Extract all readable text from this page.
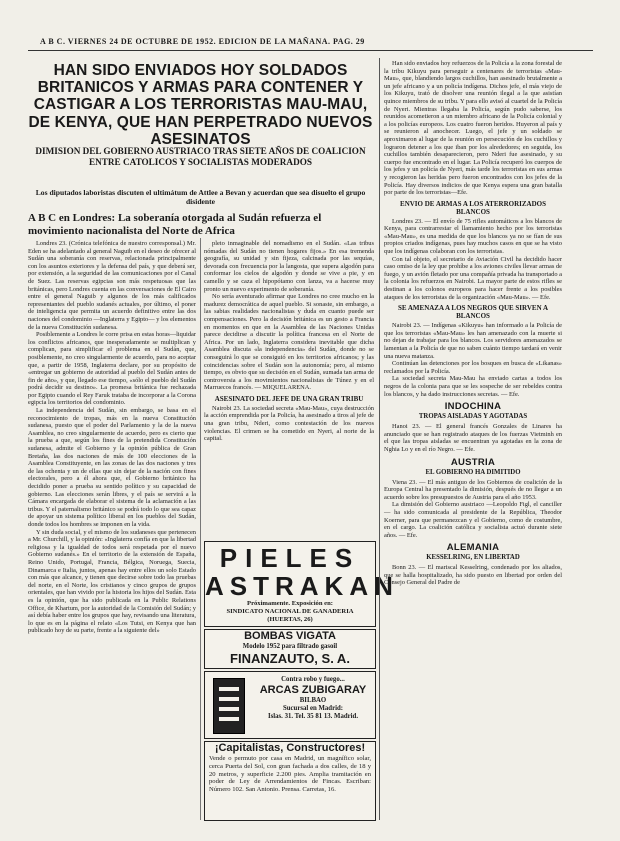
A B C. VIERNES 24 DE OCTUBRE DE 1952. EDICION DE LA MAÑANA. PAG. 29
HAN SIDO ENVIADOS HOY SOLDADOS BRITANICOS Y ARMAS PARA CONTENER Y CASTIGAR A LOS TERRORISTAS MAU-MAU, DE KENYA, QUE HAN PERPETRADO NUEVOS ASESINATOS
DIMISION DEL GOBIERNO AUSTRIACO TRAS SIETE AÑOS DE COALICION ENTRE CATOLICOS Y SOCIALISTAS MODERADOS
Los diputados laboristas discuten el ultimátum de Attlee a Bevan y acuerdan que sea disuelto el grupo disidente
A B C en Londres: La soberanía otorgada al Sudán refuerza el movimiento nacionalista del Norte de Africa

Londres 23. (Crónica telefónica de nuestro corresponsal.) Mr. Eden se ha adelantado al general Naguib en el deseo de ofrecer al Sudán una soberanía con reservas, relacionada principalmente con los asuntos exteriores y la defensa del país, y que deberá ser, por extensión, a la seguridad de las comunicaciones por el Canal de Suez. Las reservas egipcias son más respetuosas que las británicas, pero Londres cuenta en las conversaciones de El Cairo entre el general Naguib y algunos de los más calificados representantes del pueblo sudanés actuales, por último, el poner de inteligencia que permita un acuerdo definitivo entre las dos naciones del condominio —Inglaterra y Egipto— y los elementos de la nueva Constitución sudanesa.

Posiblemente a Londres le corre prisa en estas horas—liquidar los conflictos africanos, que inesperadamente se multiplican y complican, para simplificar el problema en el Sudán, que, posiblemente, no creo singularmente de acuerdo, para no aceptar que, a partir de 1958, Inglaterra declare, por su propósito de «entregar un gobierno de autoridad al pueblo del Sudán antes de fin de año», y que, llegado ese tiempo, «sólo el pueblo del Sudán podrá decidir su destino». La promesa británica fue rechazada por Egipto cuando el Rey Faruk trataba de incorporar a la Corona egipcia los territorios del condominio.

La independencia del Sudán, sin embargo, se basa en el reconocimiento de tropas, más en la nueva Constitución sudanesa, puesto que el poder del Parlamento y la de la nueva Asamblea, no creo singularmente de acuerdo, pero es cierto que la prueba a que, según los fines de la pretendida Constitución sudanesa, admite el Gobierno y la opinión pública de Gran Bretaña, las dos naciones de más de 100 elecciones de la Asamblea Constituyente, en las zonas de las dos naciones y tres de las ochenta y un de ellas que sin dejar de la nación con fines electorales, pero a él ahora que, el Gobierno británico ha decidido poner a prueba su sentido político y su capacidad de gobierno. Las elecciones serán libres, y el país se servirá a la Cámara encargada de elaborar el sistema de la aclamación a las tribus. Y el paternalismo británico se podrá todo lo que sea capaz de apoyar un sistema político liberal en los pueblos del Sudán, donde todos los hombres se imponen en la vida.

Y sin duda social, y el mismo de los sudaneses que pertenecen a Mr. Churchill, y la opinión: «Inglaterra confía en que la libertad religiosa y la igualdad de todos será respetada por el nuevo Gobierno sudanés.» En el territorio de la extensión de España, Reino Unido, Portugal, Francia, Bélgica, Noruega, Suecia, Dinamarca e Italia, juntos, apenas hay entre ellos un solo Estado con más que alcance, y tienen que decirse sobre todo las pruebas del norte, en el Norte, los cristianos y cinco grupos de grupos orientales, que han vivido por la historia los hijos del Sudán. Esta es la opinión, que ha sido publicada en la Public Relations Office, de Khartum, por la autoridad de la Comisión del Sudán; y así debía haber entre los grupos que hay, revisando una literatura, lo que es en la página el relato «Los Tutsi, en Kenya que han publicado hoy de su parte, frente a la siguiente del»

pleto inmaginable del nomadismo en el Sudán. «Las tribus nómadas del Sudán no tienen hogares fijos.» En esa tremenda geografía, su unidad y sin fijeza, calcinada por las sequías, devorada con frecuencia por la langosta, que supera algodón para conformar los cielos de algodón y donde se vive a pie, y en camello y se caza el hipopótamo con lanza, va a hacerse muy pronto un nuevo experimento de soberanía.

No sería aventurado afirmar que Londres no cree mucho en la madurez democrática de aquel pueblo. Si sonaste, sin embargo, a las sabias realidades nacionalistas y duda en cuanto puede ser compensaciones. Pero la decisión británica es un gesto a Francia en momentos en que en la Asamblea de las Naciones Unidas parece decidirse a discutir la política francesa en el Norte de Africa. Por un lado, Inglaterra considera inevitable que dicha Asamblea discuta «la independencia» del Sudán, donde no se conseguirá lo que se consiguió en los territorios africanos; y las coincidencias sobre el Sudán son la autonomía; pero, al mismo tiempo, es obvio que su decisión en el Sudán, sumada tan arma de controversia a los movimientos nacionalistas de Túnez y en el Marruecos francés. — MIQUELARENA.

ASESINATO DEL JEFE DE UNA GRAN TRIBU

Nairobi 23. La sociedad secreta «Mau-Mau», cuya destrucción la acción emprendida por la Policía, ha asesinado a tiros al jefe de una gran tribu, Nderi, como contestación de los nuevos violencias. El crimen se ha cometido en Nyeri, al norte de la capital.

PIELES
ASTRAKAN
Próximamente. Exposición en:
SINDICATO NACIONAL DE GANADERIA
(HUERTAS, 26)
BOMBAS VIGATA
Modelo 1952 para filtrado gasoil
FINANZAUTO, S. A.
Contra robo y fuego...
ARCAS ZUBIGARAY
BILBAO
Sucursal en Madrid:
Islas. 31. Tel. 35 81 13. Madrid.
¡Capitalistas, Constructores!
Vende o permuto por casa en Madrid, un magnífico solar, cerca Puerta del Sol, con gran fachada a dos calles, de 18 y 20 metros, y superficie 2.200 pies. Amplia tramitación en poder de Ley de Arrendamientos de Fincas. Escriban: Número 102. San Antonio. Prensa. Carretas, 16.

Han sido enviados hoy refuerzos de la Policía a la zona forestal de la tribu Kikuyu para perseguir a centenares de terroristas «Mau-Mau», que, blandiendo largos cuchillos, han asesinado brutalmente a un jefe africano y a un policía indígena. Dichos jefe, el más viejo de los Kikuyu, trató de disolver una reunión ilegal a la que asistían quince miembros de su tribu. Y para ello avisó al cuartel de la Policía de Nyeri. Mientras llegaba la Policía, según pudo saberse, los reunidos acometieron a un miembro africano de la Policía colonial y a los policías europeos. Los cuatro fueron heridos. Huyeron al país y se reunieron al anochecer. Luego, el jefe y un soldado se aproximaron al lugar de la reunión en persecución de los cuchillos y lograron detener a los que iban por los alrededores; en seguida, los cuchillos también desaparecieron, pero Nderi fue asesinado, y su cuerpo fue encontrado en el lugar. La Policía recuperó los cuerpos de los jefes y un policía de Nyeri, más tarde los terroristas en sus armas y recogieron las heridas pero fueron encontrados con los jefes de la Policía. Hay diversos indicios de que Kenya espera una gran batalla por parte de los terroristas—Efe.

ENVIO DE ARMAS A LOS ATERRORIZADOS BLANCOS

Londres 23. — El envío de 75 rifles automáticos a los blancos de Kenya, para contrarrestar el llamamiento hecho por los terroristas «Mau-Mau», es una medida de que los blancos ya no se fían de sus propios criados indígenas, pues hay muchos casos en que se ha visto que los indígenas colaboran con los terroristas.

Con tal objeto, el secretario de Aviación Civil ha decidido hacer caso omiso de la ley que prohíbe a los aviones civiles llevar armas de fuego, y un avión fletado por una compañía privada ha transportado a la colonia los refuerzos en Nairobi. La mayor parte de estos rifles se destinan a los colonos europeos para hacer frente a los posibles ataques de los terroristas de la organización «Mau-Mau». — Efe.

SE AMENAZA A LOS NEGROS QUE SIRVEN A BLANCOS

Nairobi 23. — Indígenas «Kikuyu» han informado a la Policía de que los terroristas «Mau-Mau» les han amenazado con la muerte si no dejan de trabajar para los blancos. Los servidores amenazados se lamentan a la Policía de que no saben cuánto tiempo tardará en venir una nueva matanza.

Continúan las detenciones por los bosques en busca de «Likanas» reclamados por la Policía.

La sociedad secreta Mau-Mau ha enviado cartas a todos los negros de la colonia para que se les sospeche de ser rebeldes contra los blancos, y ha dado instrucciones secretas. — Efe.

INDOCHINA

TROPAS AISLADAS Y AGOTADAS

Hanoi 23. — El general francés Gonzales de Linares ha anunciado que se han registrado ataques de los fuerzas Vietminh en el que las tropas aisladas se encuentran ya agotadas en la zona de Nghia Lo y en el río Negro. — Efe.

AUSTRIA

EL GOBIERNO HA DIMITIDO

Viena 23. — El más antiguo de los Gobiernos de coalición de la Europa Central ha presentado la dimisión, después de no llegar a un acuerdo sobre los presupuestos de Austria para el año 1953.

La dimisión del Gobierno austriaco —Leopoldo Figl, el canciller— ha sido comunicada al presidente de la República, Theodor Koerner, para que permanezcan y el Gobierno, como de costumbre, en el cargo. La coalición católica y socialista actuó durante siete años. — Efe.

ALEMANIA

KESSELRING, EN LIBERTAD

Bonn 23. — El mariscal Kesselring, condenado por los aliados, que se halla hospitalizado, ha sido puesto en libertad por orden del Consejo General del Padre de
